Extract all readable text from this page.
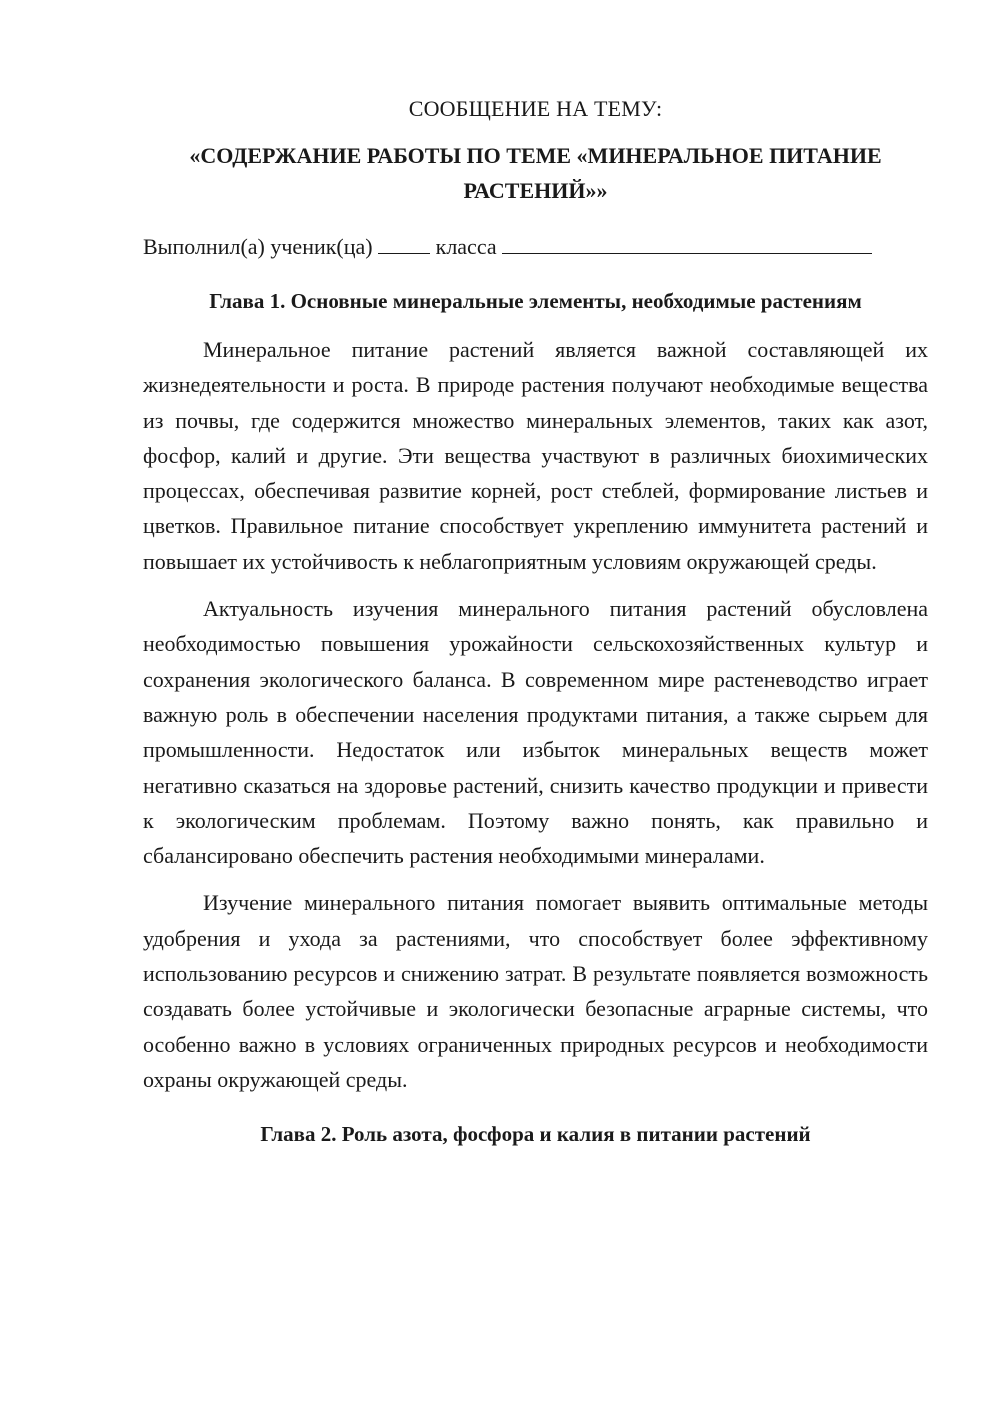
СООБЩЕНИЕ НА ТЕМУ:
«СОДЕРЖАНИЕ РАБОТЫ ПО ТЕМЕ «МИНЕРАЛЬНОЕ ПИТАНИЕ РАСТЕНИЙ»»
Выполнил(а) ученик(ца)	класса
Глава 1. Основные минеральные элементы, необходимые растениям

Минеральное питание растений является важной составляющей их жизнедеятельности и роста. В природе растения получают необходимые вещества из почвы, где содержится множество минеральных элементов, таких как азот, фосфор, калий и другие. Эти вещества участвуют в различных биохимических процессах, обеспечивая развитие корней, рост стеблей, формирование листьев и цветков. Правильное питание способствует укреплению иммунитета растений и повышает их устойчивость к неблагоприятным условиям окружающей среды.

Актуальность изучения минерального питания растений обусловлена необходимостью повышения урожайности сельскохозяйственных культур и сохранения экологического баланса. В современном мире растеневодство играет важную роль в обеспечении населения продуктами питания, а также сырьем для промышленности. Недостаток или избыток минеральных веществ может негативно сказаться на здоровье растений, снизить качество продукции и привести к экологическим проблемам. Поэтому важно понять, как правильно и сбалансировано обеспечить растения необходимыми минералами.

Изучение минерального питания помогает выявить оптимальные методы удобрения и ухода за растениями, что способствует более эффективному использованию ресурсов и снижению затрат. В результате появляется возможность создавать более устойчивые и экологически безопасные аграрные системы, что особенно важно в условиях ограниченных природных ресурсов и необходимости охраны окружающей среды.

Глава 2. Роль азота, фосфора и калия в питании растений
